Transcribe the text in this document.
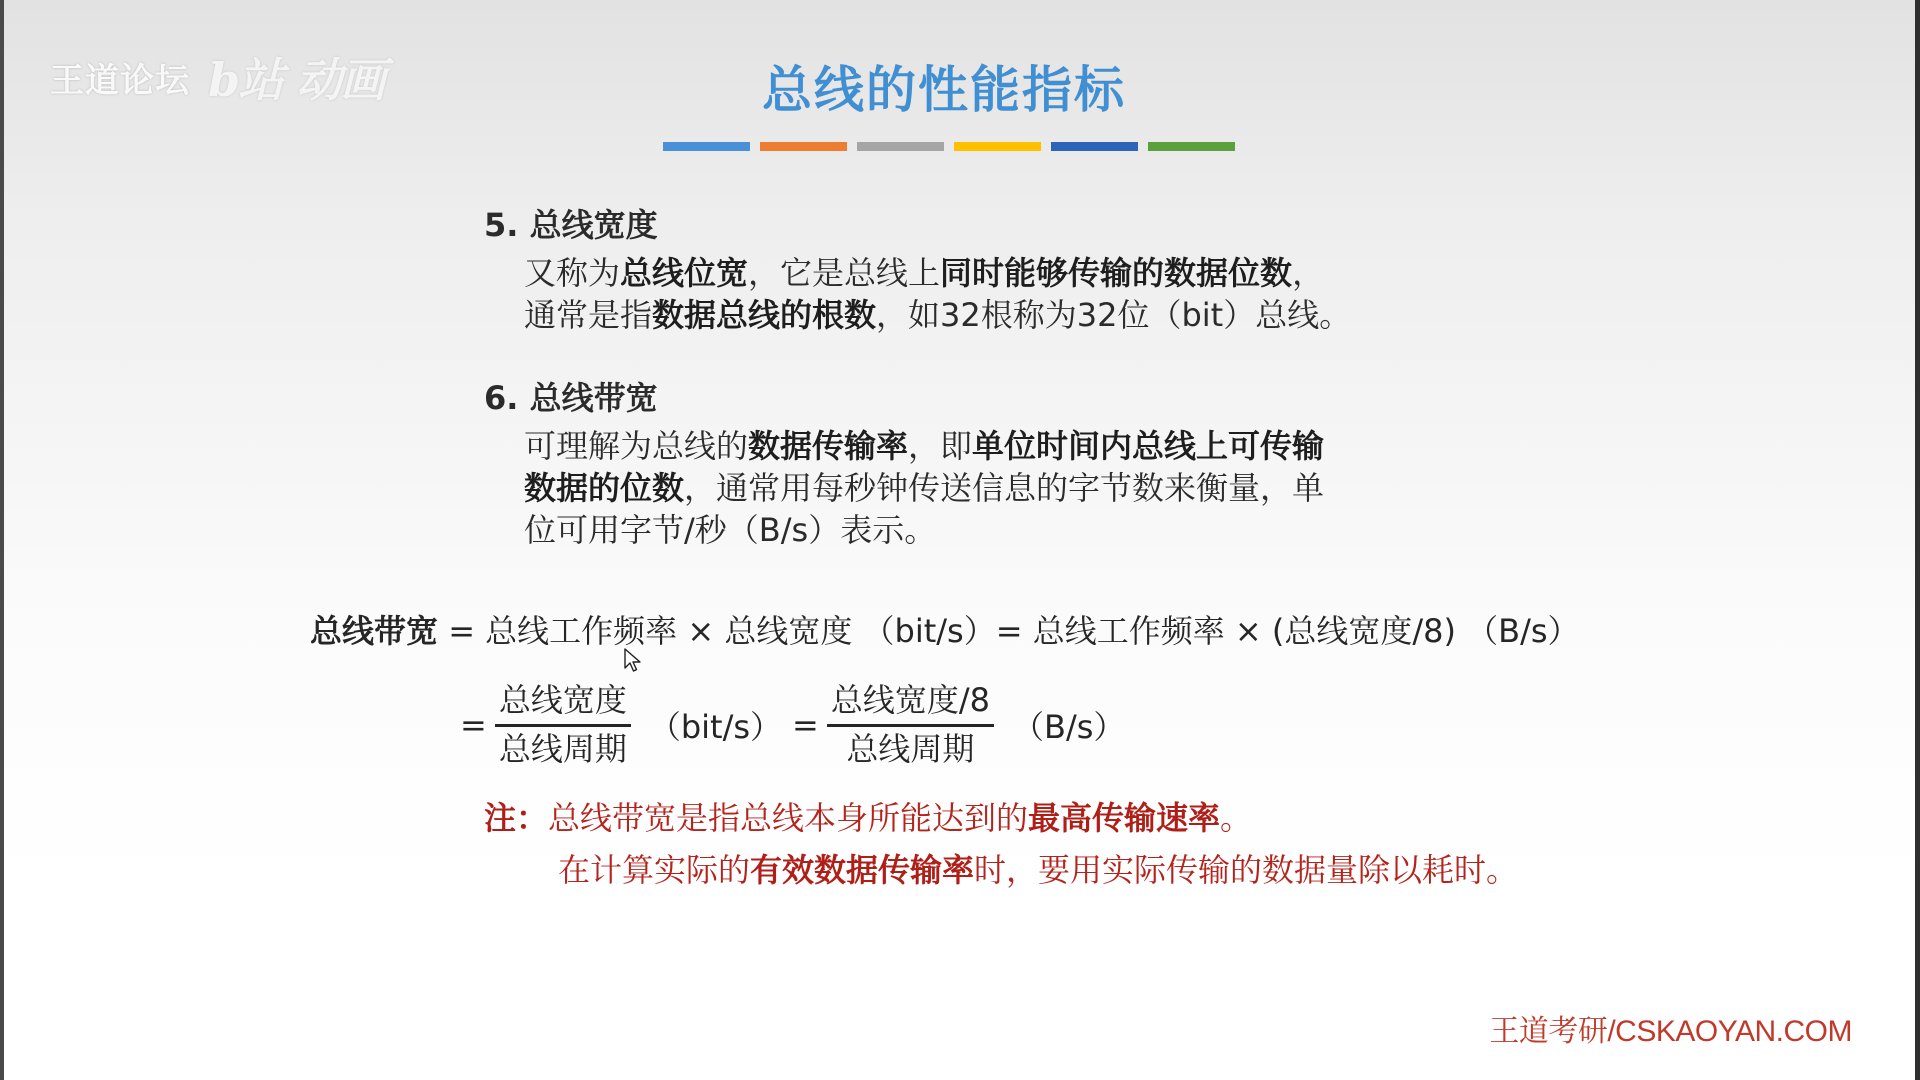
王道论坛 b站 动画	总线的性能指标

5. 总线宽度

又称为总线位宽，它是总线上同时能够传输的数据位数，
通常是指数据总线的根数，如32根称为32位（bit）总线。

6. 总线带宽

可理解为总线的数据传输率，即单位时间内总线上可传输
数据的位数，通常用每秒钟传送信息的字节数来衡量，单
位可用字节/秒（B/s）表示。
总线带宽 = 总线工作频率 × 总线宽度 （bit/s）= 总线工作频率 × (总线宽度/8) （B/s）
= $\frac{\text{总线宽度}}{\text{总线周期}} (bit/s) = \frac{\text{总线宽度/8}}{\text{总线周期}} (B/s)$
注：总线带宽是指总线本身所能达到的最高传输速率。
在计算实际的有效数据传输率时，要用实际传输的数据量除以耗时。
王道考研/CSKAOYAN.COM
